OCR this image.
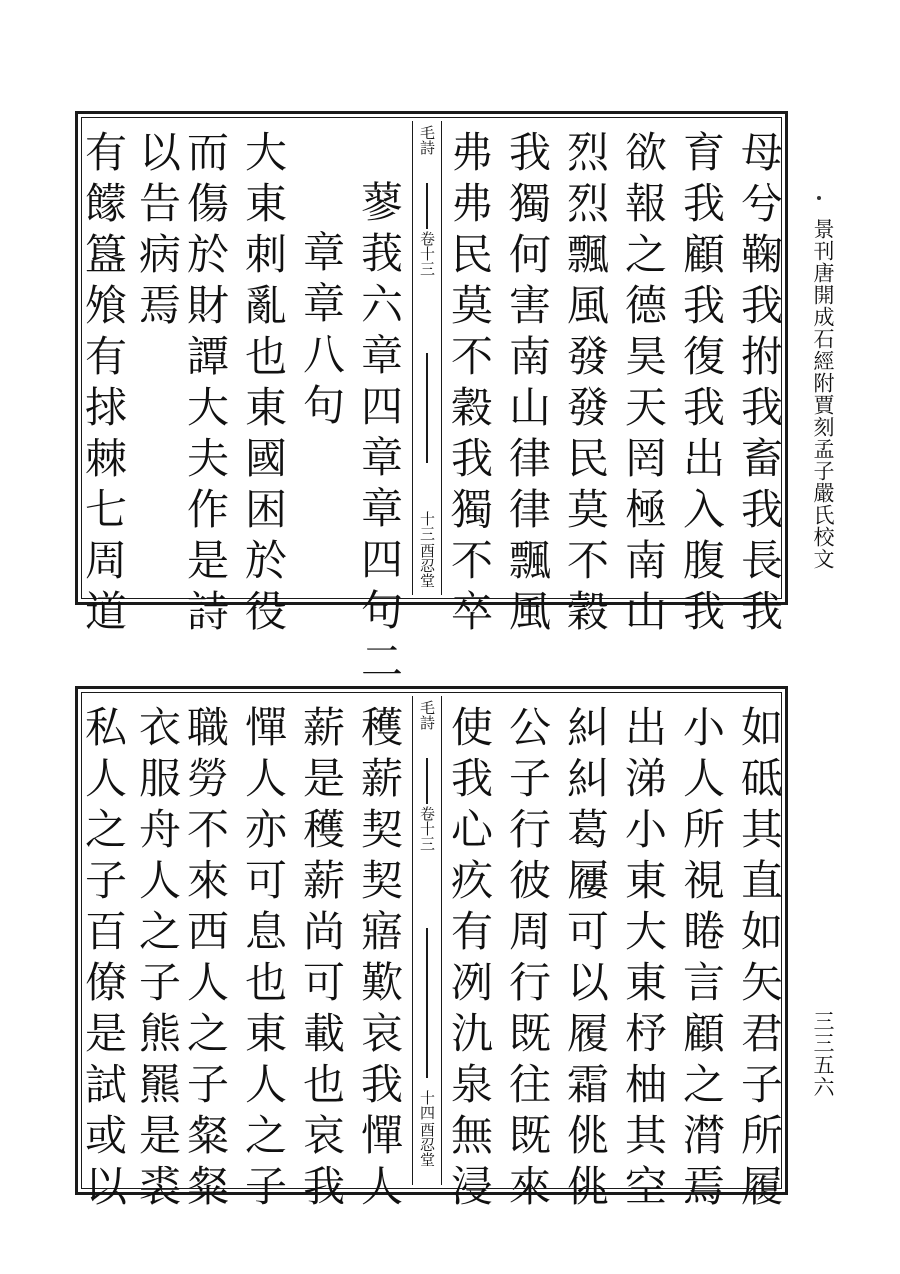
景刊唐開成石經附賈刻孟子嚴氏校文
三三五六
母兮鞠我拊我畜我長我
育我顧我復我出入腹我
欲報之德昊天罔極南山
烈烈飄風發發民莫不穀
我獨何害南山律律飄風
弗弗民莫不穀我獨不卒
毛詩
卷十三
十三
酉忍堂
蓼莪六章四章章四句二
章章八句
大東刺亂也東國困於役
而傷於財譚大夫作是詩
以告病焉
有饛簋飧有捄棘七周道
如砥其直如矢君子所履
小人所視睠言顧之潸焉
出涕小東大東杼柚其空
糾糾葛屨可以履霜佻佻
公子行彼周行既往既來
使我心疚有冽氿泉無浸
毛詩
卷十三
十四
酉忍堂
穫薪契契寤歎哀我憚人
薪是穫薪尚可載也哀我
憚人亦可息也東人之子
職勞不來西人之子粲粲
衣服舟人之子熊羆是裘
私人之子百僚是試或以
